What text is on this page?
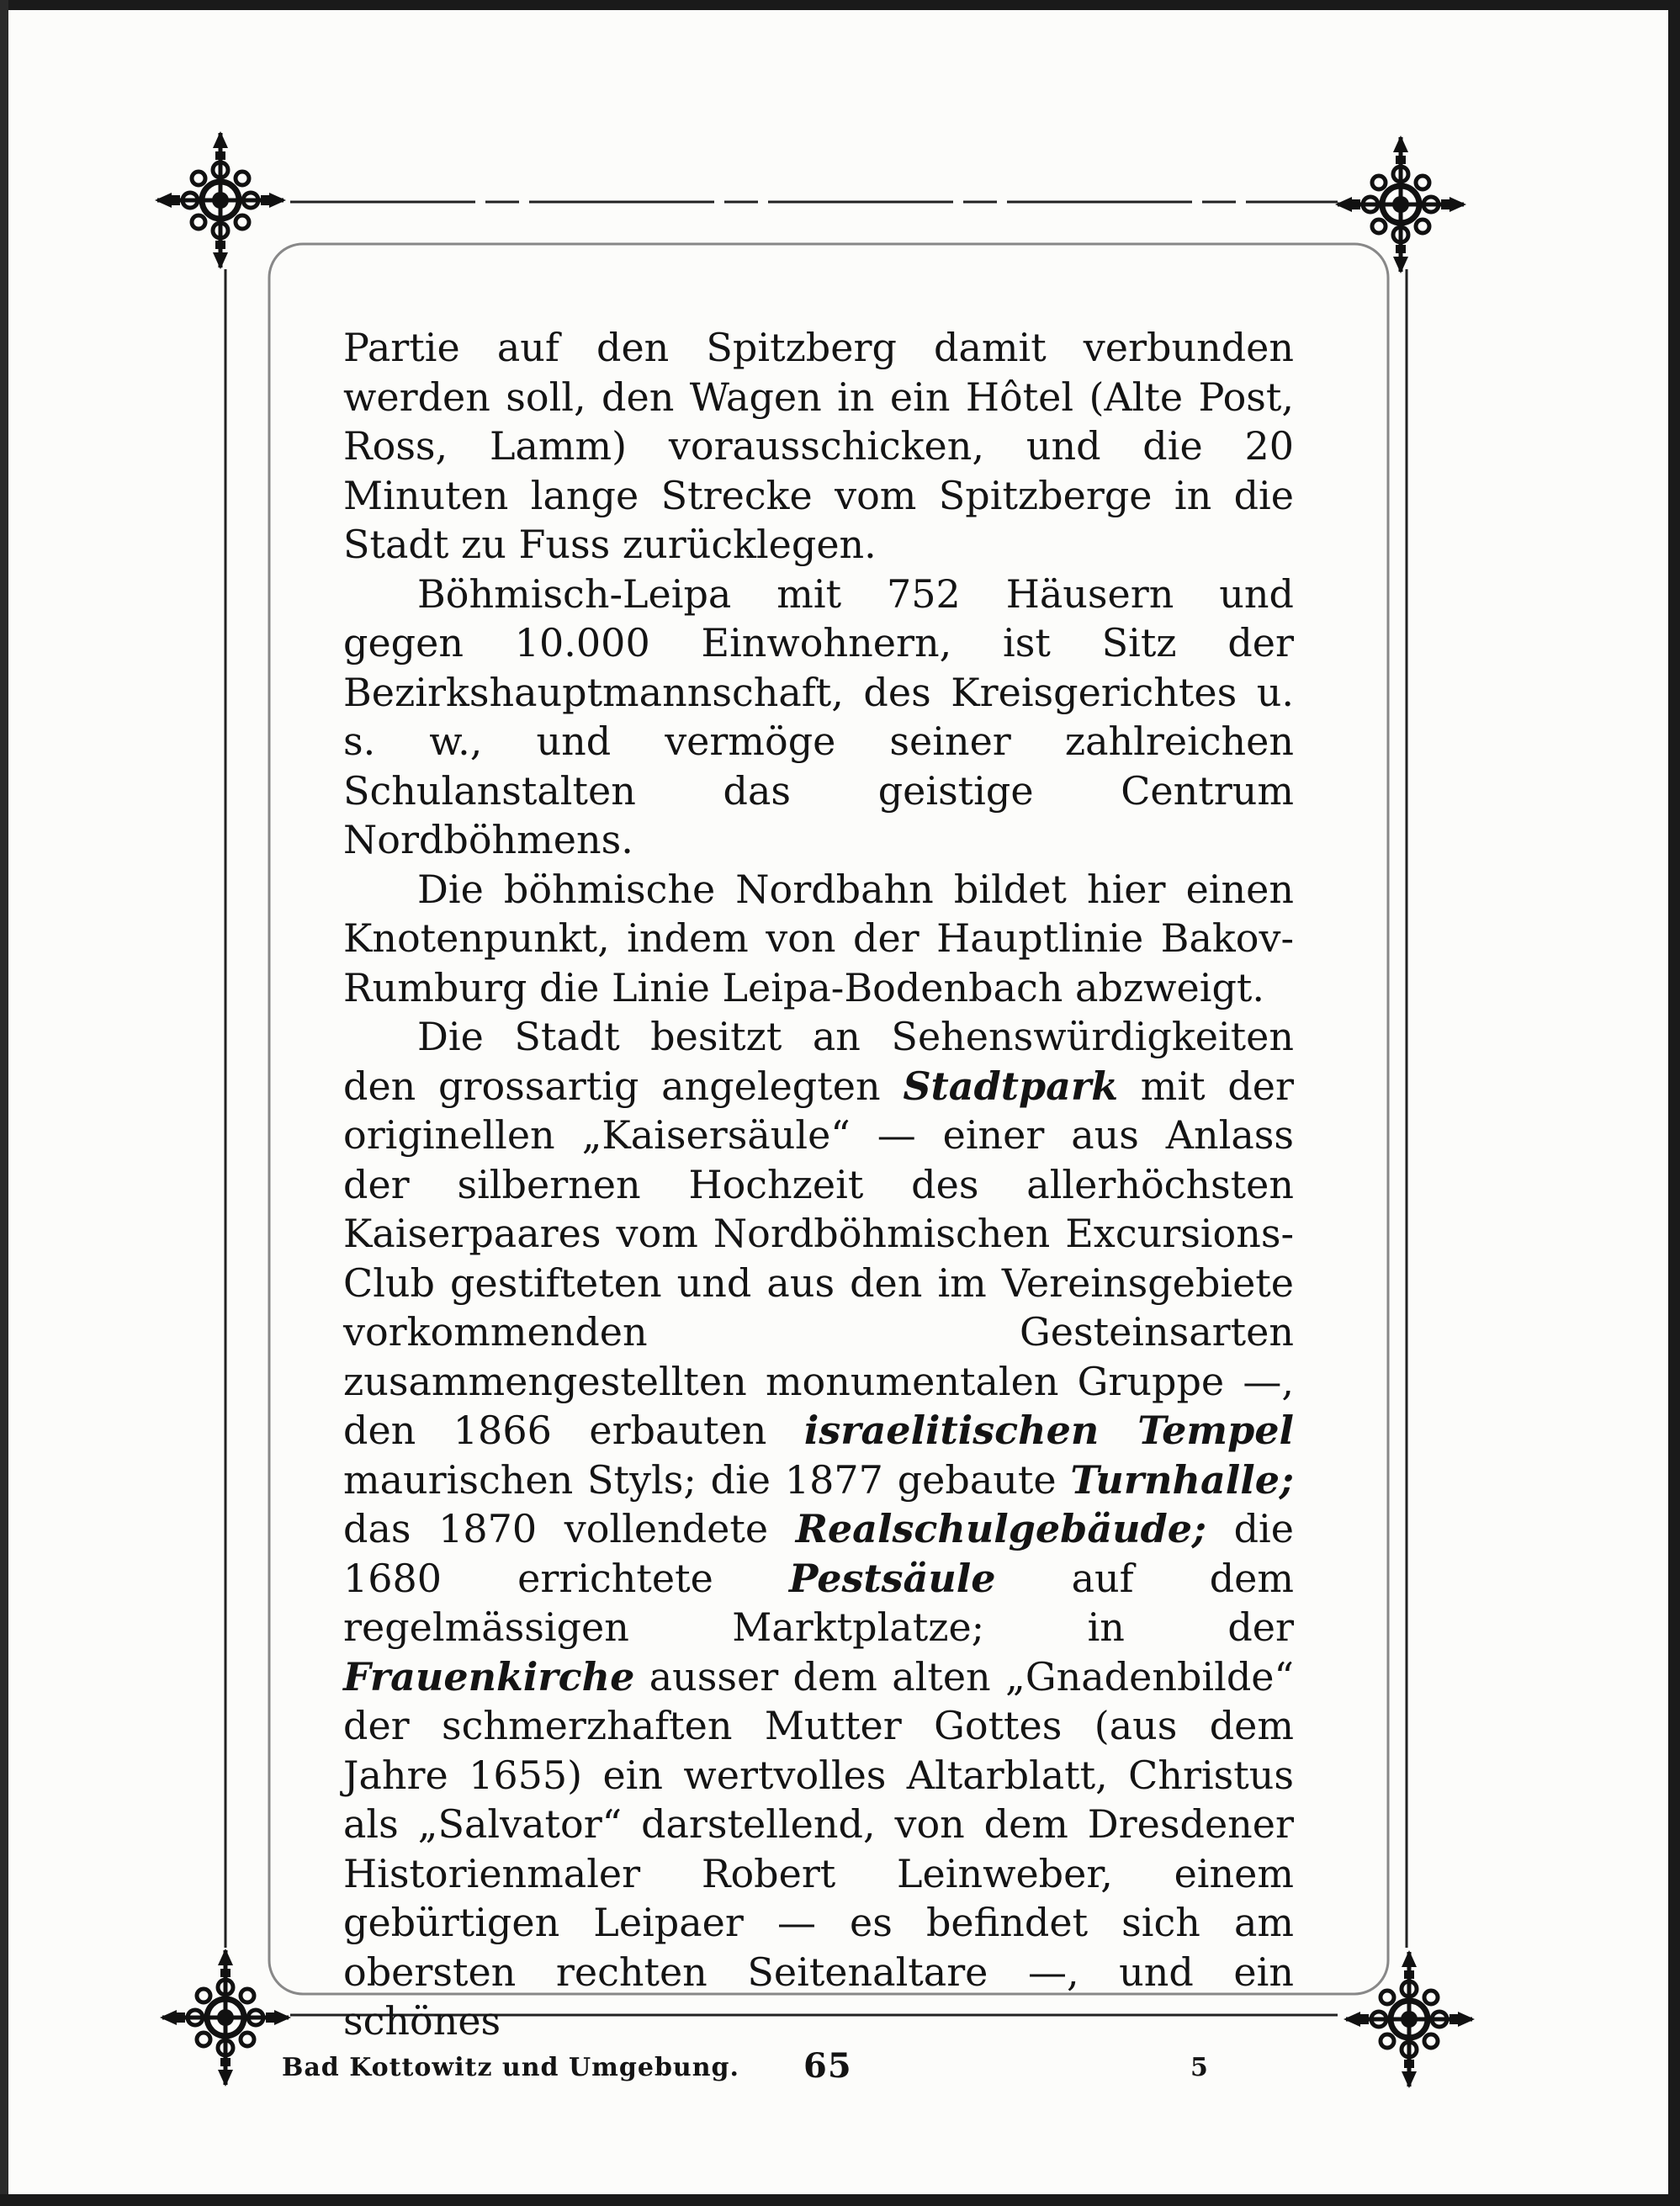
Partie auf den Spitzberg damit verbunden werden soll, den Wagen in ein Hôtel (Alte Post, Ross, Lamm) vorausschicken, und die 20 Minuten lange Strecke vom Spitzberge in die Stadt zu Fuss zurücklegen.

Böhmisch-Leipa mit 752 Häusern und gegen 10.000 Einwohnern, ist Sitz der Bezirkshauptmannschaft, des Kreisgerichtes u. s. w., und vermöge seiner zahlreichen Schulanstalten das geistige Centrum Nordböhmens.

Die böhmische Nordbahn bildet hier einen Knotenpunkt, indem von der Hauptlinie Bakov-Rumburg die Linie Leipa-Bodenbach abzweigt.

Die Stadt besitzt an Sehenswürdigkeiten den grossartig angelegten Stadtpark mit der originellen „Kaisersäule“ — einer aus Anlass der silbernen Hochzeit des allerhöchsten Kaiserpaares vom Nordböhmischen Excursions-Club gestifteten und aus den im Vereinsgebiete vorkommenden Gesteinsarten zusammengestellten monumentalen Gruppe —, den 1866 erbauten israelitischen Tempel maurischen Styls; die 1877 gebaute Turnhalle; das 1870 vollendete Realschulgebäude; die 1680 errichtete Pestsäule auf dem regelmässigen Marktplatze; in der Frauenkirche ausser dem alten „Gnadenbilde“ der schmerzhaften Mutter Gottes (aus dem Jahre 1655) ein wertvolles Altarblatt, Christus als „Salvator“ darstellend, von dem Dresdener Historienmaler Robert Leinweber, einem gebürtigen Leipaer — es befindet sich am obersten rechten Seitenaltare —, und ein schönes

Bad Kottowitz und Umgebung. 65	5
